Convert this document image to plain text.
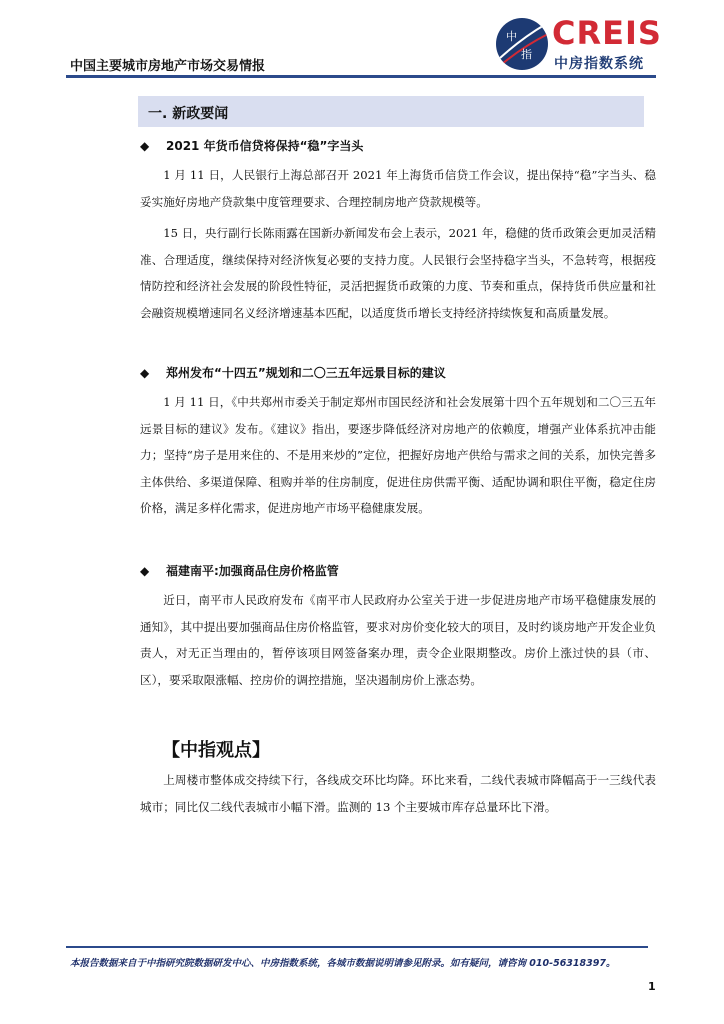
中国主要城市房地产市场交易情报
中
指
CREIS
中房指数系统
一. 新政要闻
◆ 2021 年货币信贷将保持“稳”字当头
1 月 11 日，人民银行上海总部召开 2021 年上海货币信贷工作会议，提出保持“稳”字当头、稳妥实施好房地产贷款集中度管理要求、合理控制房地产贷款规模等。
15 日，央行副行长陈雨露在国新办新闻发布会上表示，2021 年，稳健的货币政策会更加灵活精准、合理适度，继续保持对经济恢复必要的支持力度。人民银行会坚持稳字当头，不急转弯，根据疫情防控和经济社会发展的阶段性特征，灵活把握货币政策的力度、节奏和重点，保持货币供应量和社会融资规模增速同名义经济增速基本匹配，以适度货币增长支持经济持续恢复和高质量发展。
◆ 郑州发布“十四五”规划和二〇三五年远景目标的建议
1 月 11 日，《中共郑州市委关于制定郑州市国民经济和社会发展第十四个五年规划和二〇三五年远景目标的建议》发布。《建议》指出，要逐步降低经济对房地产的依赖度，增强产业体系抗冲击能力；坚持“房子是用来住的、不是用来炒的”定位，把握好房地产供给与需求之间的关系，加快完善多主体供给、多渠道保障、租购并举的住房制度，促进住房供需平衡、适配协调和职住平衡，稳定住房价格，满足多样化需求，促进房地产市场平稳健康发展。
◆ 福建南平:加强商品住房价格监管
近日，南平市人民政府发布《南平市人民政府办公室关于进一步促进房地产市场平稳健康发展的通知》，其中提出要加强商品住房价格监管，要求对房价变化较大的项目，及时约谈房地产开发企业负责人，对无正当理由的，暂停该项目网签备案办理，责令企业限期整改。房价上涨过快的县（市、区），要采取限涨幅、控房价的调控措施，坚决遏制房价上涨态势。
【中指观点】
上周楼市整体成交持续下行，各线成交环比均降。环比来看，二线代表城市降幅高于一三线代表城市；同比仅二线代表城市小幅下滑。监测的 13 个主要城市库存总量环比下滑。
本报告数据来自于中指研究院数据研发中心、中房指数系统，各城市数据说明请参见附录。如有疑问，请咨询 010-56318397。
1
